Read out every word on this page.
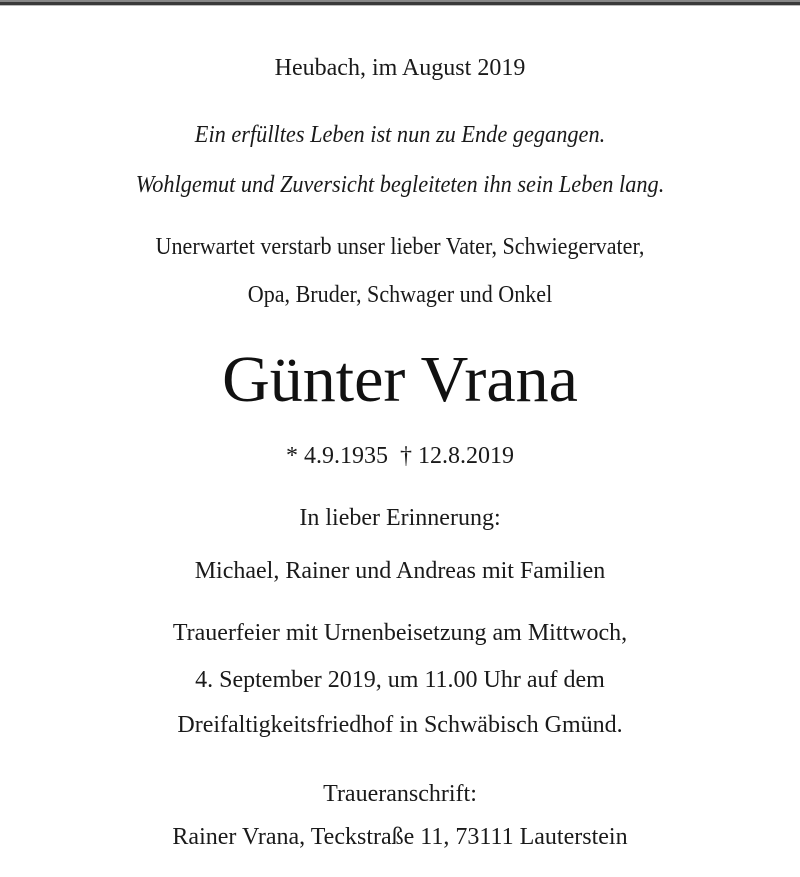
Heubach, im August 2019
Ein erfülltes Leben ist nun zu Ende gegangen.
Wohlgemut und Zuversicht begleiteten ihn sein Leben lang.
Unerwartet verstarb unser lieber Vater, Schwiegervater,
Opa, Bruder, Schwager und Onkel
Günter Vrana
* 4.9.1935  † 12.8.2019
In lieber Erinnerung:
Michael, Rainer und Andreas mit Familien
Trauerfeier mit Urnenbeisetzung am Mittwoch,
4. September 2019, um 11.00 Uhr auf dem
Dreifaltigkeitsfriedhof in Schwäbisch Gmünd.
Traueranschrift:
Rainer Vrana, Teckstraße 11, 73111 Lauterstein
